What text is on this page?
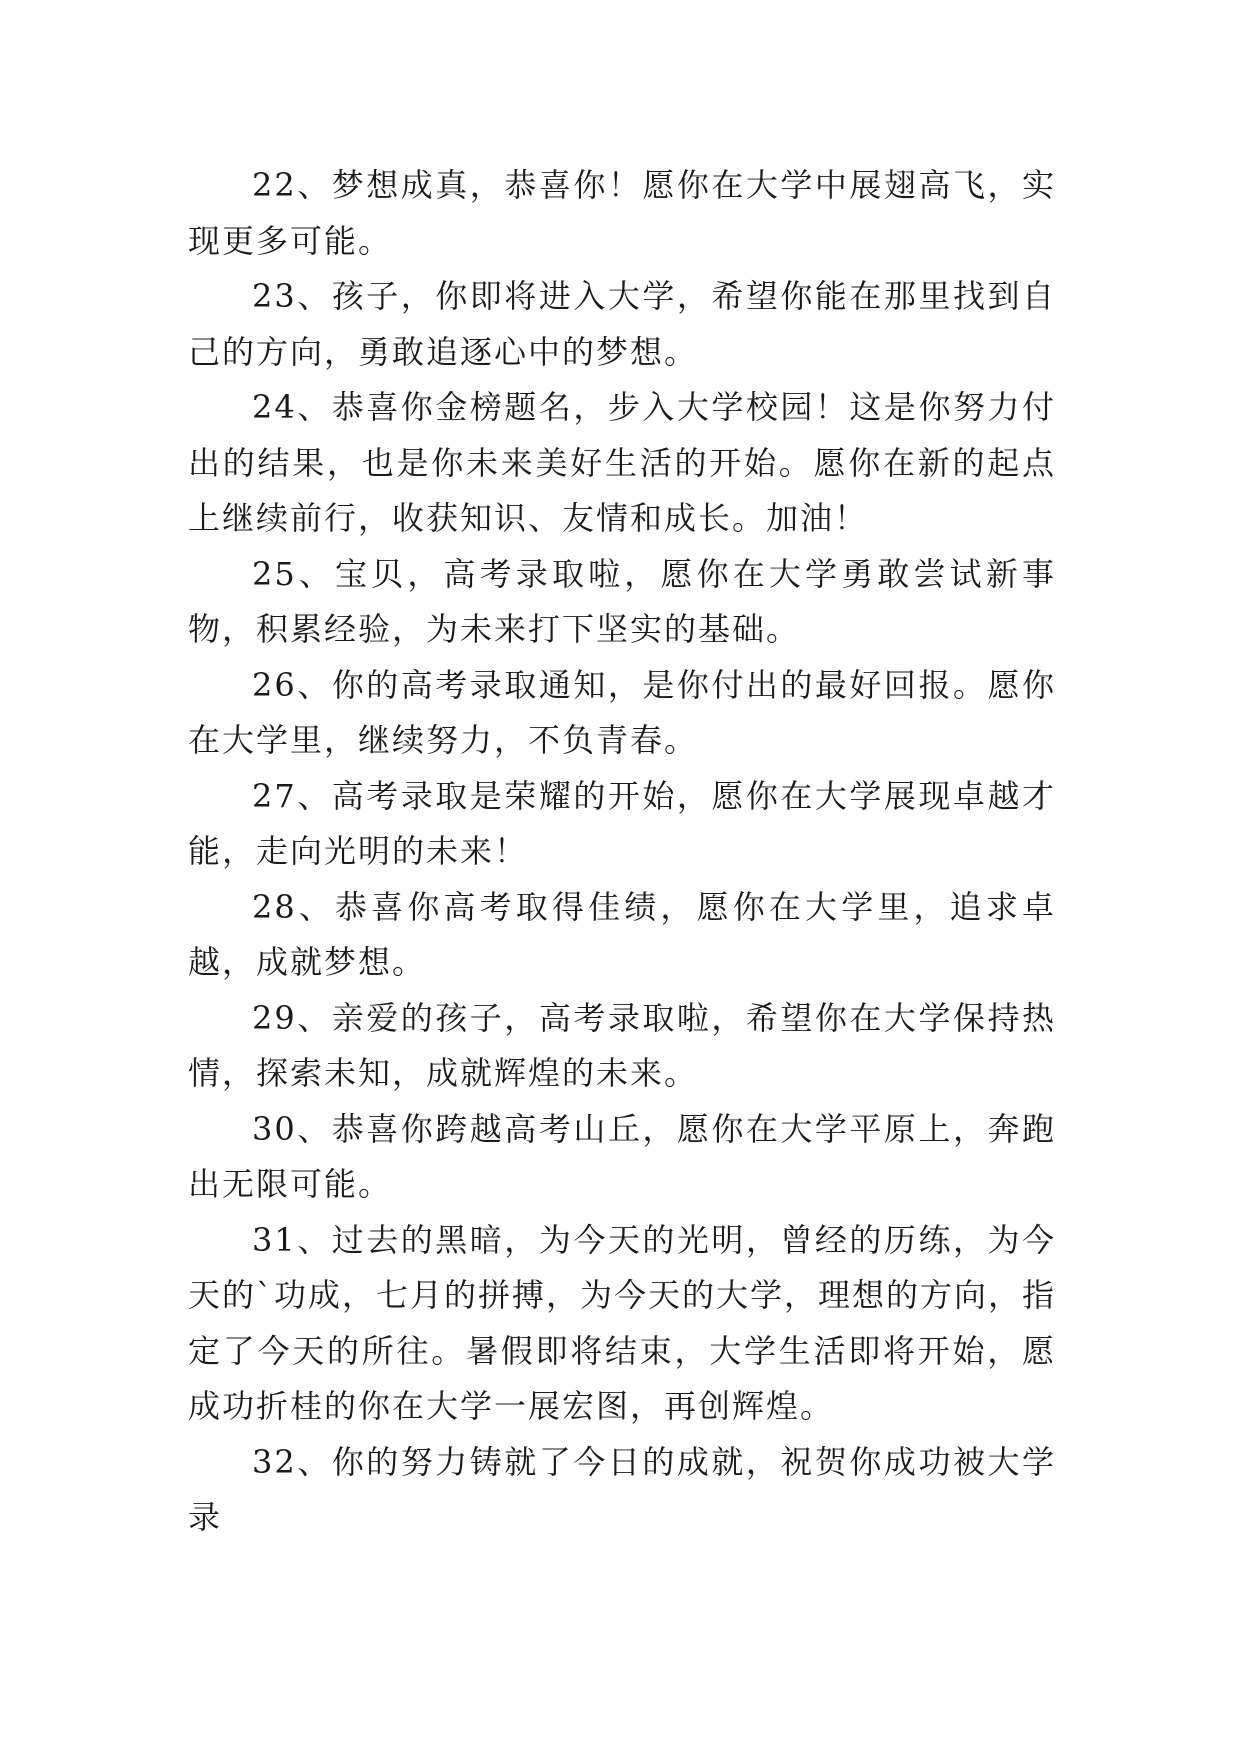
22、梦想成真，恭喜你！愿你在大学中展翅高飞，实现更多可能。

23、孩子，你即将进入大学，希望你能在那里找到自己的方向，勇敢追逐心中的梦想。

24、恭喜你金榜题名，步入大学校园！这是你努力付出的结果，也是你未来美好生活的开始。愿你在新的起点上继续前行，收获知识、友情和成长。加油！

25、宝贝，高考录取啦，愿你在大学勇敢尝试新事物，积累经验，为未来打下坚实的基础。

26、你的高考录取通知，是你付出的最好回报。愿你在大学里，继续努力，不负青春。

27、高考录取是荣耀的开始，愿你在大学展现卓越才能，走向光明的未来！

28、恭喜你高考取得佳绩，愿你在大学里，追求卓越，成就梦想。

29、亲爱的孩子，高考录取啦，希望你在大学保持热情，探索未知，成就辉煌的未来。

30、恭喜你跨越高考山丘，愿你在大学平原上，奔跑出无限可能。

31、过去的黑暗，为今天的光明，曾经的历练，为今天的`功成，七月的拼搏，为今天的大学，理想的方向，指定了今天的所往。暑假即将结束，大学生活即将开始，愿成功折桂的你在大学一展宏图，再创辉煌。

32、你的努力铸就了今日的成就，祝贺你成功被大学录
